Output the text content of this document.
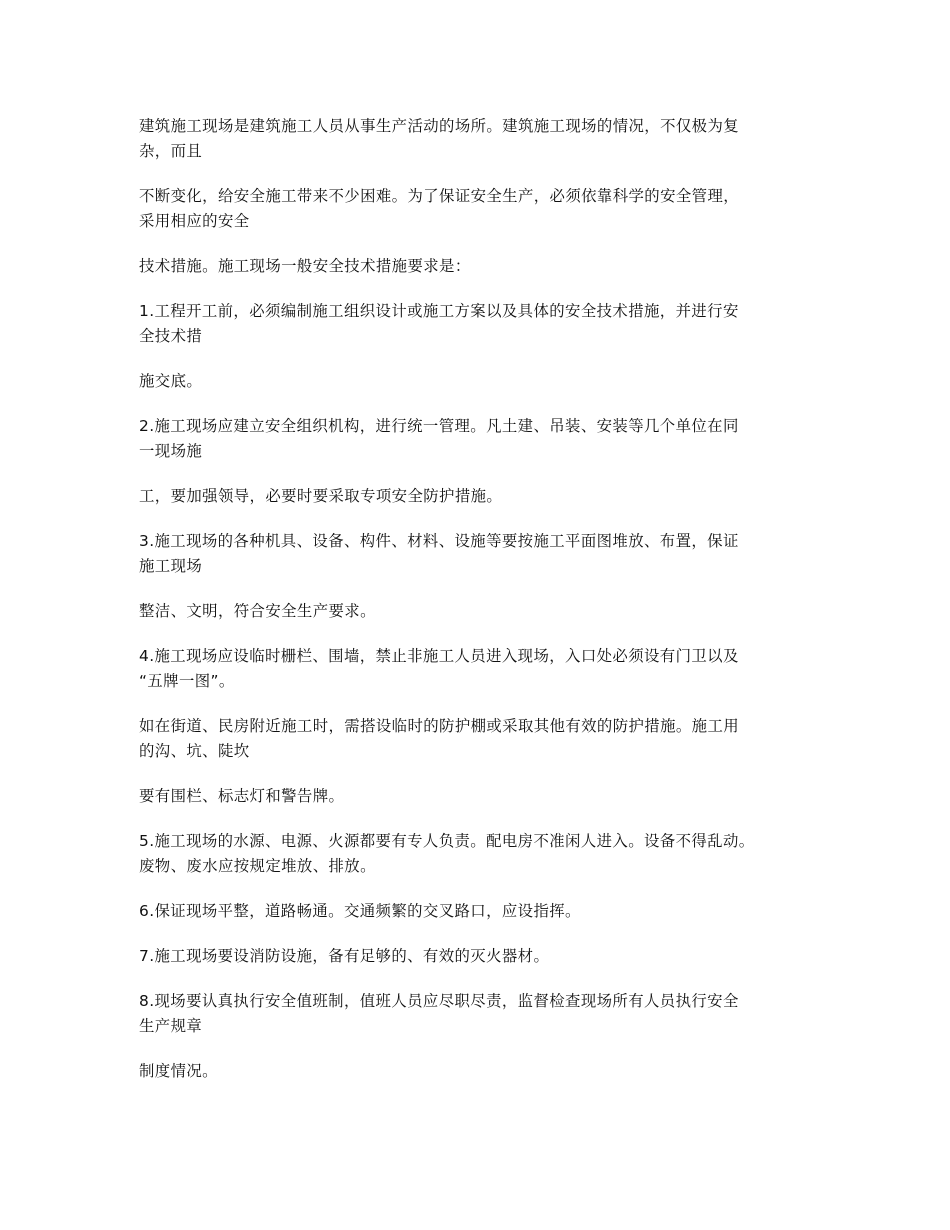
建筑施工现场是建筑施工人员从事生产活动的场所。建筑施工现场的情况，不仅极为复
杂，而且

不断变化，给安全施工带来不少困难。为了保证安全生产，必须依靠科学的安全管理，
采用相应的安全

技术措施。施工现场一般安全技术措施要求是：

1.工程开工前，必须编制施工组织设计或施工方案以及具体的安全技术措施，并进行安
全技术措

施交底。

2.施工现场应建立安全组织机构，进行统一管理。凡土建、吊装、安装等几个单位在同
一现场施

工，要加强领导，必要时要采取专项安全防护措施。

3.施工现场的各种机具、设备、构件、材料、设施等要按施工平面图堆放、布置，保证
施工现场

整洁、文明，符合安全生产要求。

4.施工现场应设临时栅栏、围墙，禁止非施工人员进入现场，入口处必须设有门卫以及
“五牌一图”。

如在街道、民房附近施工时，需搭设临时的防护棚或采取其他有效的防护措施。施工用
的沟、坑、陡坎

要有围栏、标志灯和警告牌。

5.施工现场的水源、电源、火源都要有专人负责。配电房不准闲人进入。设备不得乱动。
废物、废水应按规定堆放、排放。

6.保证现场平整，道路畅通。交通频繁的交叉路口，应设指挥。

7.施工现场要设消防设施，备有足够的、有效的灭火器材。

8.现场要认真执行安全值班制，值班人员应尽职尽责，监督检查现场所有人员执行安全
生产规章

制度情况。
